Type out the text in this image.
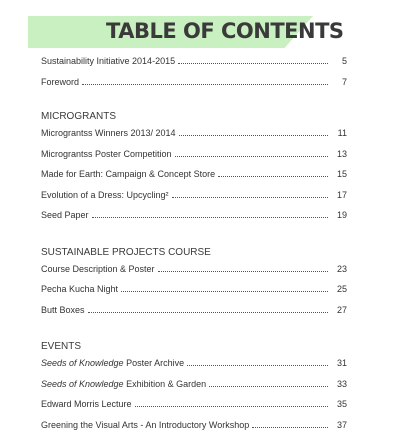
TABLE OF CONTENTS
Sustainability Initiative 2014-2015	5
Foreword	7
MICROGRANTS
Micrograntss Winners 2013/ 2014	11
Micrograntss Poster Competition	13
Made for Earth: Campaign & Concept Store	15
Evolution of a Dress: Upcycling²	17
Seed Paper	19
SUSTAINABLE PROJECTS COURSE
Course Description & Poster	23
Pecha Kucha Night	25
Butt Boxes	27
EVENTS
Seeds of Knowledge Poster Archive	31
Seeds of Knowledge Exhibition & Garden	33
Edward Morris Lecture	35
Greening the Visual Arts - An Introductory Workshop	37
